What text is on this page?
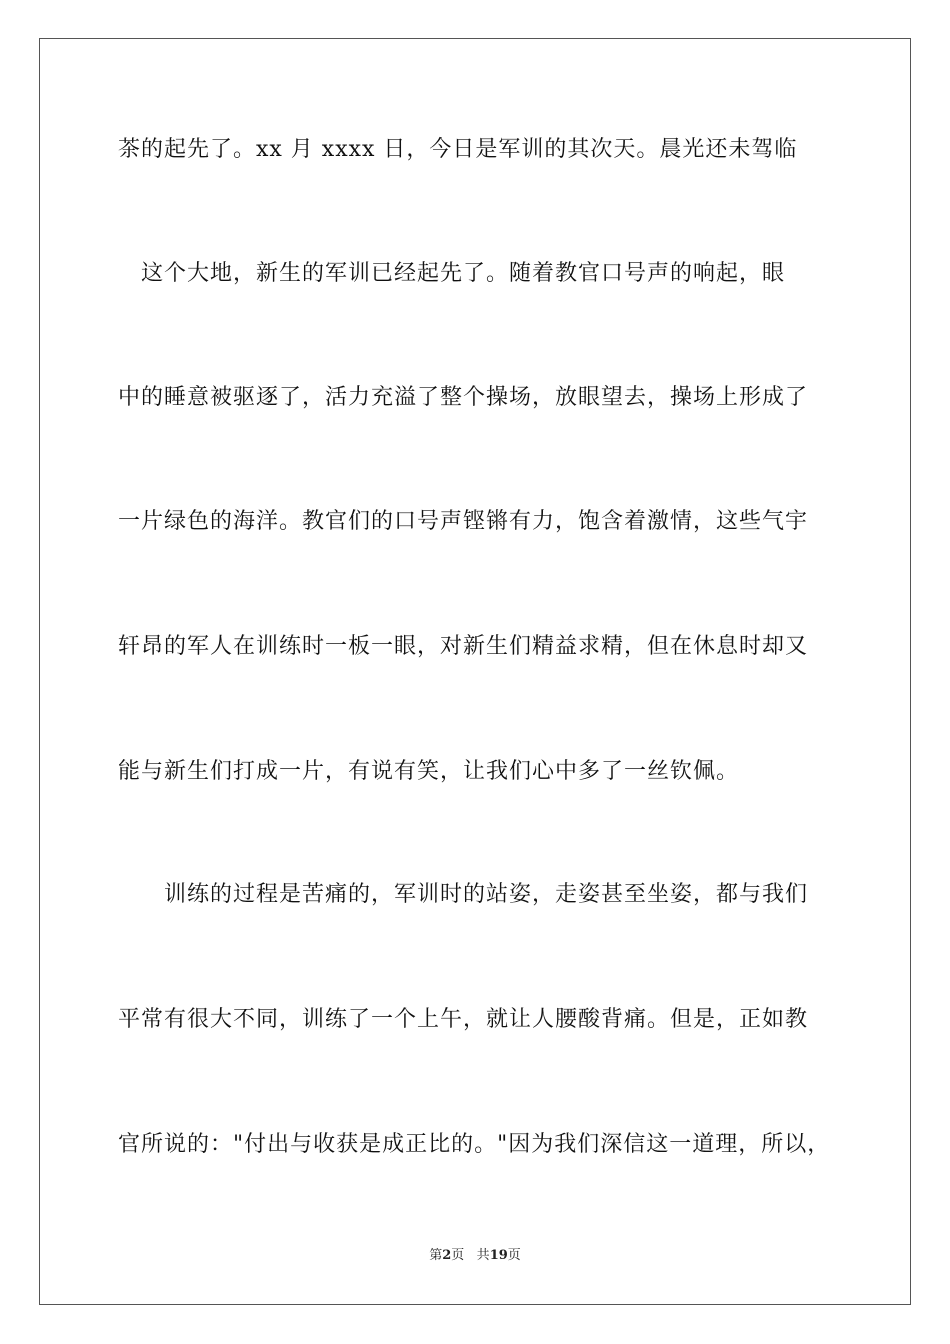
茶的起先了。xx 月 xxxx 日，今日是军训的其次天。晨光还未驾临
　这个大地，新生的军训已经起先了。随着教官口号声的响起，眼
中的睡意被驱逐了，活力充溢了整个操场，放眼望去，操场上形成了
一片绿色的海洋。教官们的口号声铿锵有力，饱含着激情，这些气宇
轩昂的军人在训练时一板一眼，对新生们精益求精，但在休息时却又
能与新生们打成一片，有说有笑，让我们心中多了一丝钦佩。
　　训练的过程是苦痛的，军训时的站姿，走姿甚至坐姿，都与我们
平常有很大不同，训练了一个上午，就让人腰酸背痛。但是，正如教
官所说的："付出与收获是成正比的。"因为我们深信这一道理，所以，
第2页 共19页
